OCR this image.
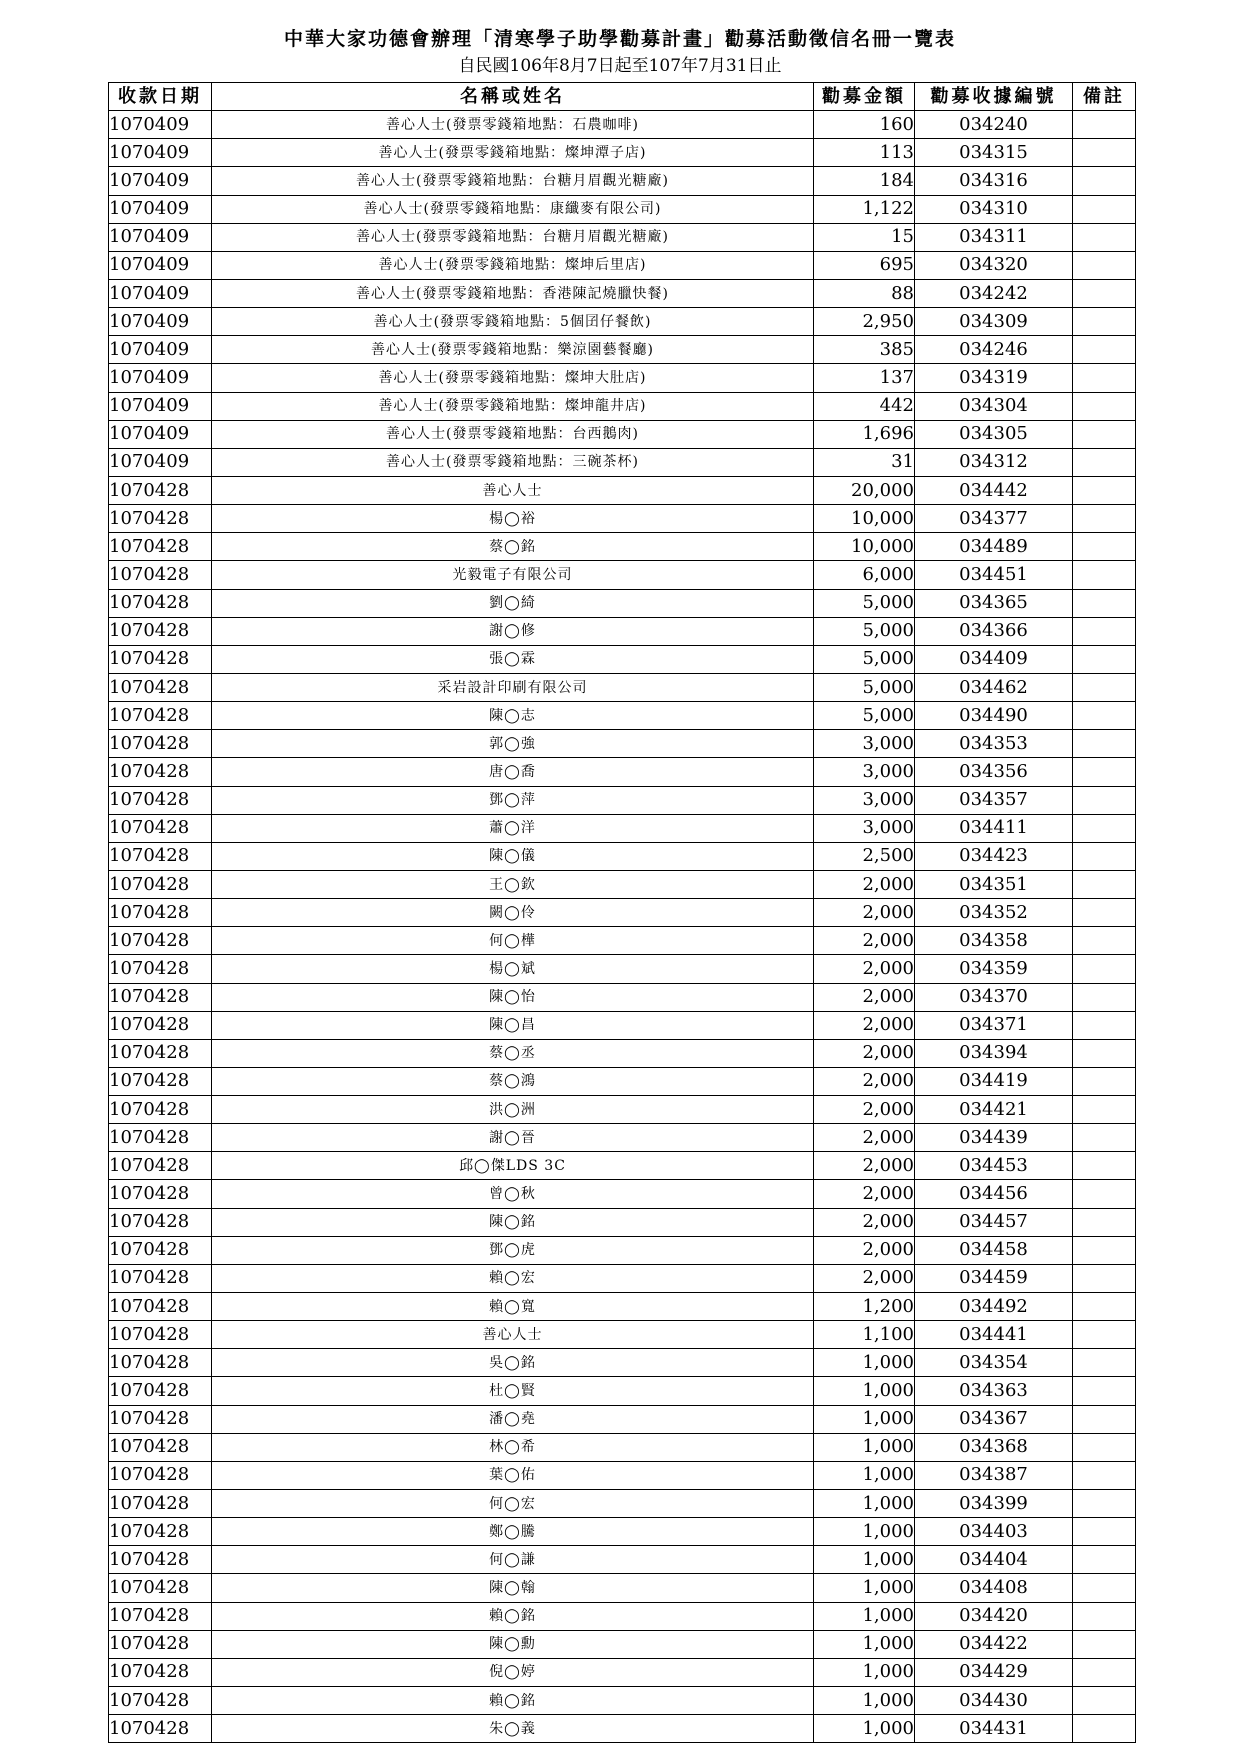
中華大家功德會辦理「清寒學子助學勸募計畫」勸募活動徵信名冊一覽表
自民國106年8月7日起至107年7月31日止
收款日期	名稱或姓名	勸募金額	勸募收據編號	備註
1070409	善心人士(發票零錢箱地點：石農咖啡)	160	034240	
1070409	善心人士(發票零錢箱地點：燦坤潭子店)	113	034315	
1070409	善心人士(發票零錢箱地點：台糖月眉觀光糖廠)	184	034316	
1070409	善心人士(發票零錢箱地點：康纖麥有限公司)	1,122	034310	
1070409	善心人士(發票零錢箱地點：台糖月眉觀光糖廠)	15	034311	
1070409	善心人士(發票零錢箱地點：燦坤后里店)	695	034320	
1070409	善心人士(發票零錢箱地點：香港陳記燒臘快餐)	88	034242	
1070409	善心人士(發票零錢箱地點：5個囝仔餐飲)	2,950	034309	
1070409	善心人士(發票零錢箱地點：樂涼園藝餐廳)	385	034246	
1070409	善心人士(發票零錢箱地點：燦坤大肚店)	137	034319	
1070409	善心人士(發票零錢箱地點：燦坤龍井店)	442	034304	
1070409	善心人士(發票零錢箱地點：台西鵝肉)	1,696	034305	
1070409	善心人士(發票零錢箱地點：三碗茶杯)	31	034312	
1070428	善心人士	20,000	034442	
1070428	楊◯裕	10,000	034377	
1070428	蔡◯銘	10,000	034489	
1070428	光毅電子有限公司	6,000	034451	
1070428	劉◯綺	5,000	034365	
1070428	謝◯修	5,000	034366	
1070428	張◯霖	5,000	034409	
1070428	采岩設計印刷有限公司	5,000	034462	
1070428	陳◯志	5,000	034490	
1070428	郭◯強	3,000	034353	
1070428	唐◯喬	3,000	034356	
1070428	鄧◯萍	3,000	034357	
1070428	蕭◯洋	3,000	034411	
1070428	陳◯儀	2,500	034423	
1070428	王◯欽	2,000	034351	
1070428	闕◯伶	2,000	034352	
1070428	何◯樺	2,000	034358	
1070428	楊◯斌	2,000	034359	
1070428	陳◯怡	2,000	034370	
1070428	陳◯昌	2,000	034371	
1070428	蔡◯丞	2,000	034394	
1070428	蔡◯鴻	2,000	034419	
1070428	洪◯洲	2,000	034421	
1070428	謝◯晉	2,000	034439	
1070428	邱◯傑LDS 3C	2,000	034453	
1070428	曾◯秋	2,000	034456	
1070428	陳◯銘	2,000	034457	
1070428	鄧◯虎	2,000	034458	
1070428	賴◯宏	2,000	034459	
1070428	賴◯寬	1,200	034492	
1070428	善心人士	1,100	034441	
1070428	吳◯銘	1,000	034354	
1070428	杜◯賢	1,000	034363	
1070428	潘◯堯	1,000	034367	
1070428	林◯希	1,000	034368	
1070428	葉◯佑	1,000	034387	
1070428	何◯宏	1,000	034399	
1070428	鄭◯騰	1,000	034403	
1070428	何◯謙	1,000	034404	
1070428	陳◯翰	1,000	034408	
1070428	賴◯銘	1,000	034420	
1070428	陳◯勳	1,000	034422	
1070428	倪◯婷	1,000	034429	
1070428	賴◯銘	1,000	034430	
1070428	朱◯義	1,000	034431	
